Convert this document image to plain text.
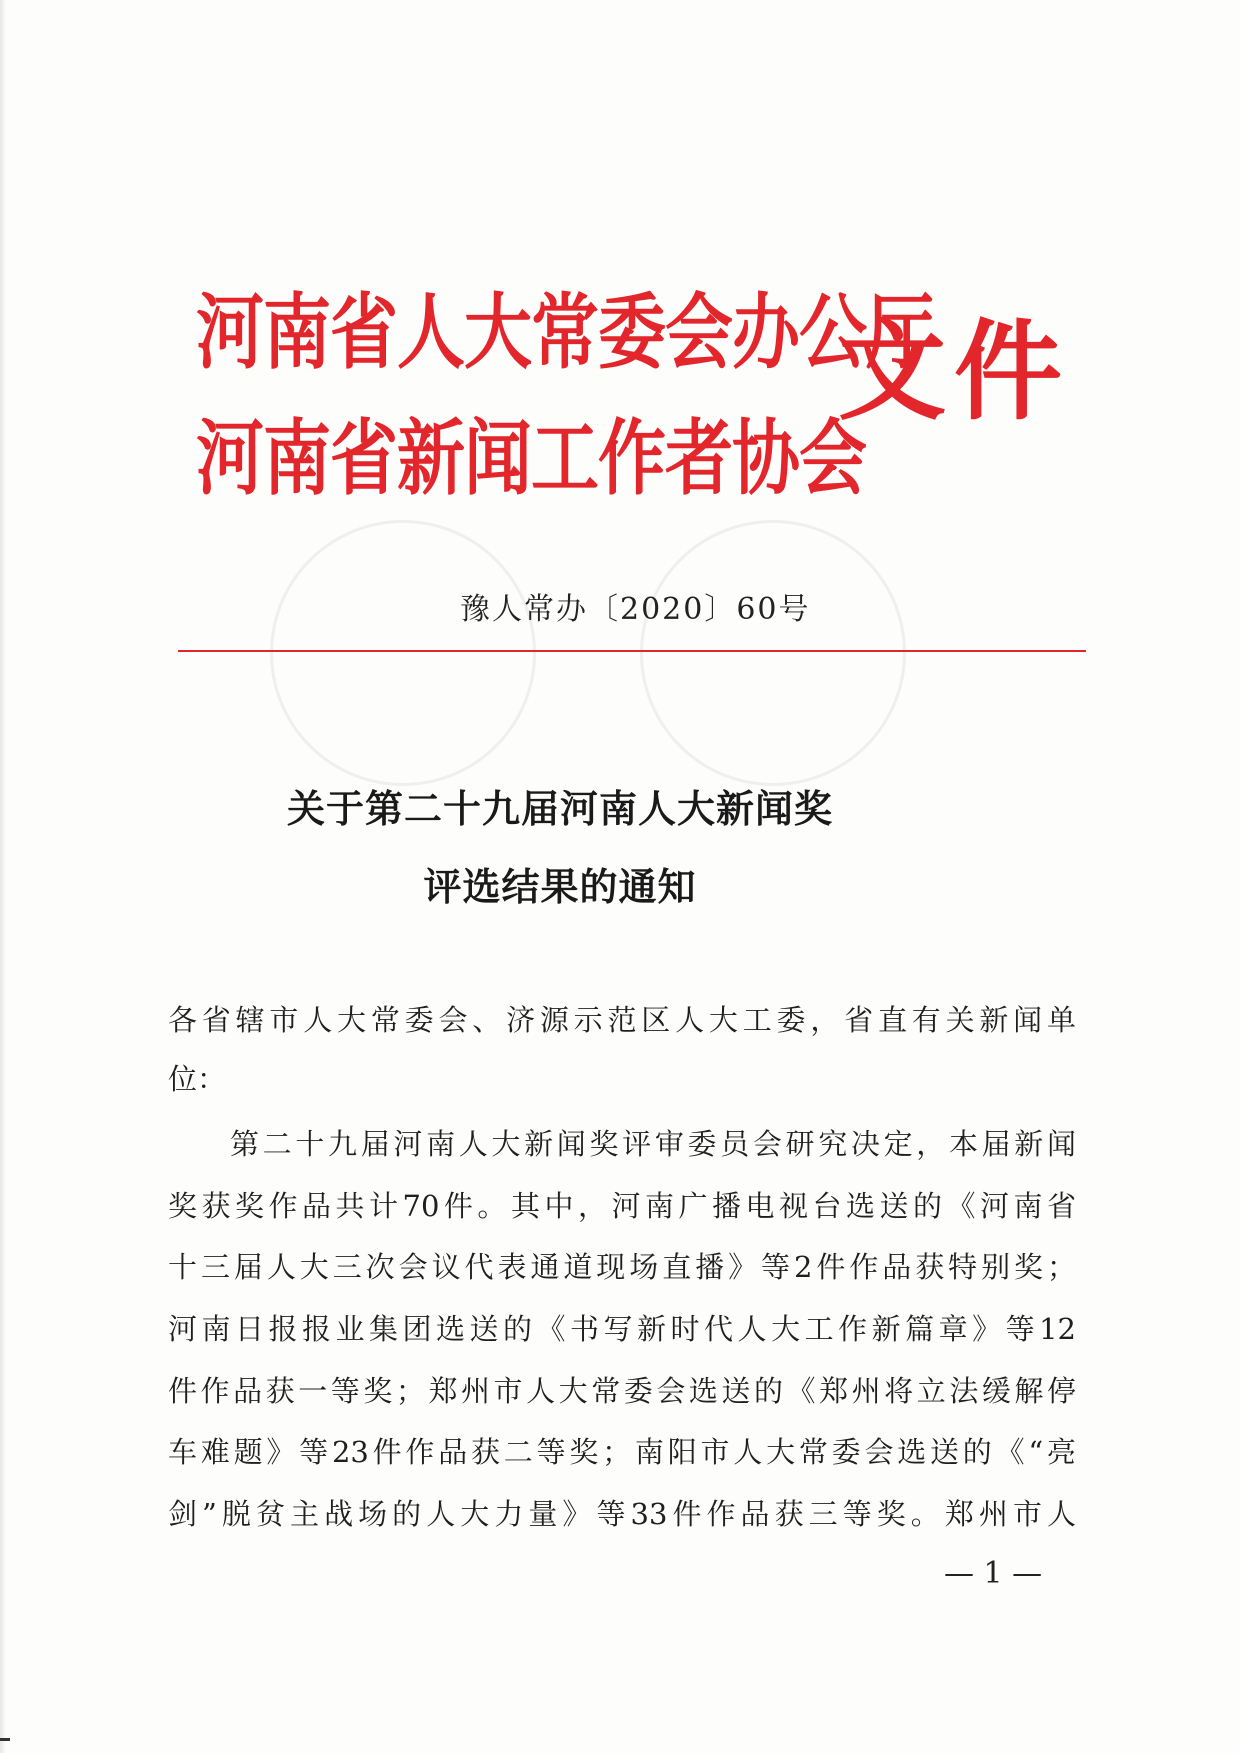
河南省人大常委会办公厅
河南省新闻工作者协会
文件
豫人常办〔2020〕60号
关于第二十九届河南人大新闻奖
评选结果的通知
各省辖市人大常委会、济源示范区人大工委，省直有关新闻单
位：
第二十九届河南人大新闻奖评审委员会研究决定，本届新闻
奖获奖作品共计70件。其中，河南广播电视台选送的《河南省
十三届人大三次会议代表通道现场直播》等2件作品获特别奖；
河南日报报业集团选送的《书写新时代人大工作新篇章》等12
件作品获一等奖；郑州市人大常委会选送的《郑州将立法缓解停
车难题》等23件作品获二等奖；南阳市人大常委会选送的《“亮
剑”脱贫主战场的人大力量》等33件作品获三等奖。郑州市人
— 1 —
